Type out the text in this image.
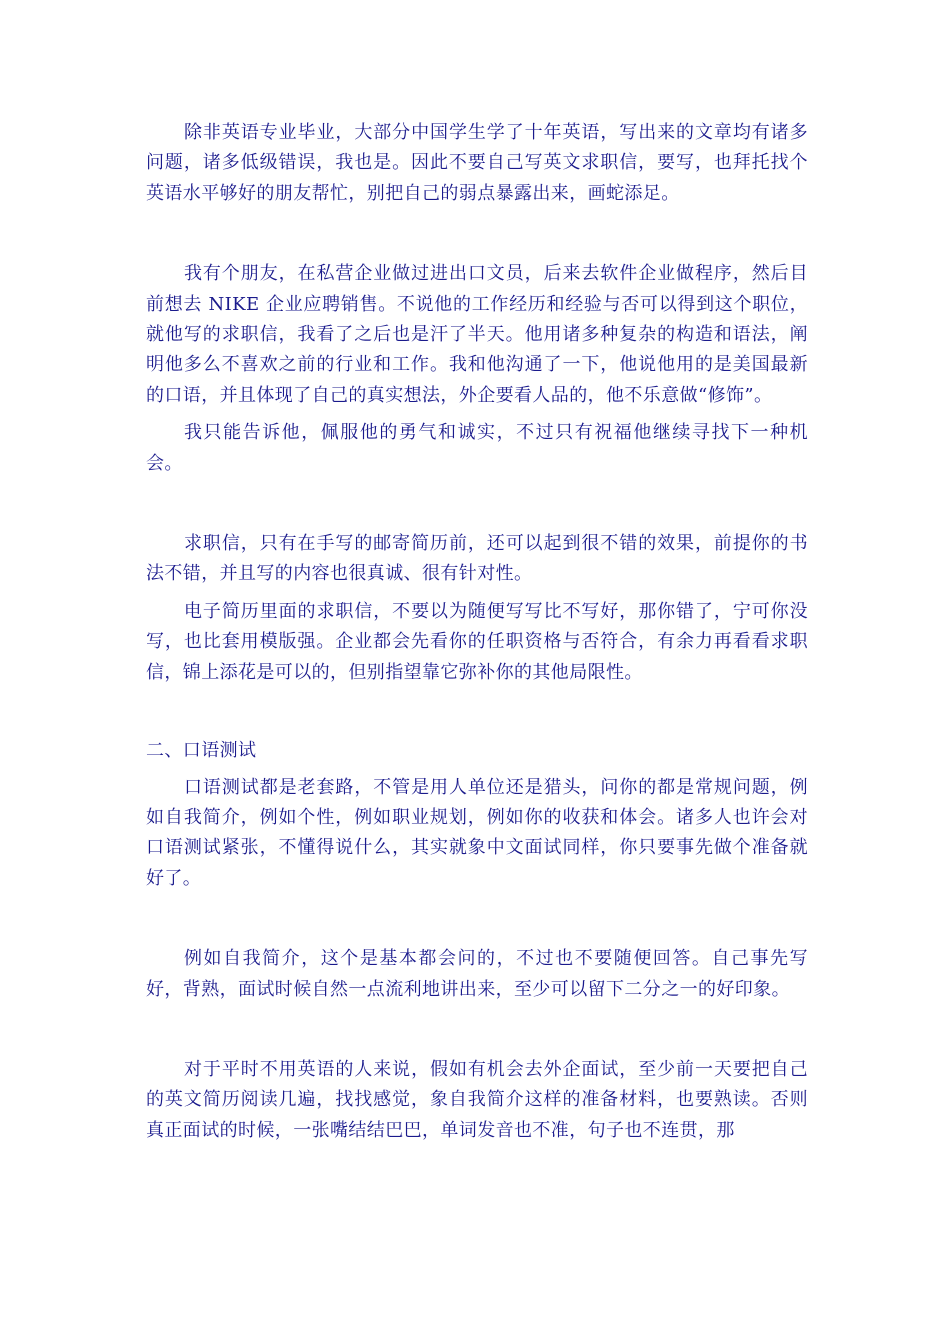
除非英语专业毕业，大部分中国学生学了十年英语，写出来的文章均有诸多问题，诸多低级错误，我也是。因此不要自己写英文求职信，要写，也拜托找个英语水平够好的朋友帮忙，别把自己的弱点暴露出来，画蛇添足。

我有个朋友，在私营企业做过进出口文员，后来去软件企业做程序，然后目前想去 NIKE 企业应聘销售。不说他的工作经历和经验与否可以得到这个职位，就他写的求职信，我看了之后也是汗了半天。他用诸多种复杂的构造和语法，阐明他多么不喜欢之前的行业和工作。我和他沟通了一下，他说他用的是美国最新的口语，并且体现了自己的真实想法，外企要看人品的，他不乐意做“修饰”。

我只能告诉他，佩服他的勇气和诚实，不过只有祝福他继续寻找下一种机会。

求职信，只有在手写的邮寄简历前，还可以起到很不错的效果，前提你的书法不错，并且写的内容也很真诚、很有针对性。

电子简历里面的求职信，不要以为随便写写比不写好，那你错了，宁可你没写，也比套用模版强。企业都会先看你的任职资格与否符合，有余力再看看求职信，锦上添花是可以的，但别指望靠它弥补你的其他局限性。

二、口语测试

口语测试都是老套路，不管是用人单位还是猎头，问你的都是常规问题，例如自我简介，例如个性，例如职业规划，例如你的收获和体会。诸多人也许会对口语测试紧张，不懂得说什么，其实就象中文面试同样，你只要事先做个准备就好了。

例如自我简介，这个是基本都会问的，不过也不要随便回答。自己事先写好，背熟，面试时候自然一点流利地讲出来，至少可以留下二分之一的好印象。

对于平时不用英语的人来说，假如有机会去外企面试，至少前一天要把自己的英文简历阅读几遍，找找感觉，象自我简介这样的准备材料，也要熟读。否则真正面试的时候，一张嘴结结巴巴，单词发音也不准，句子也不连贯，那
